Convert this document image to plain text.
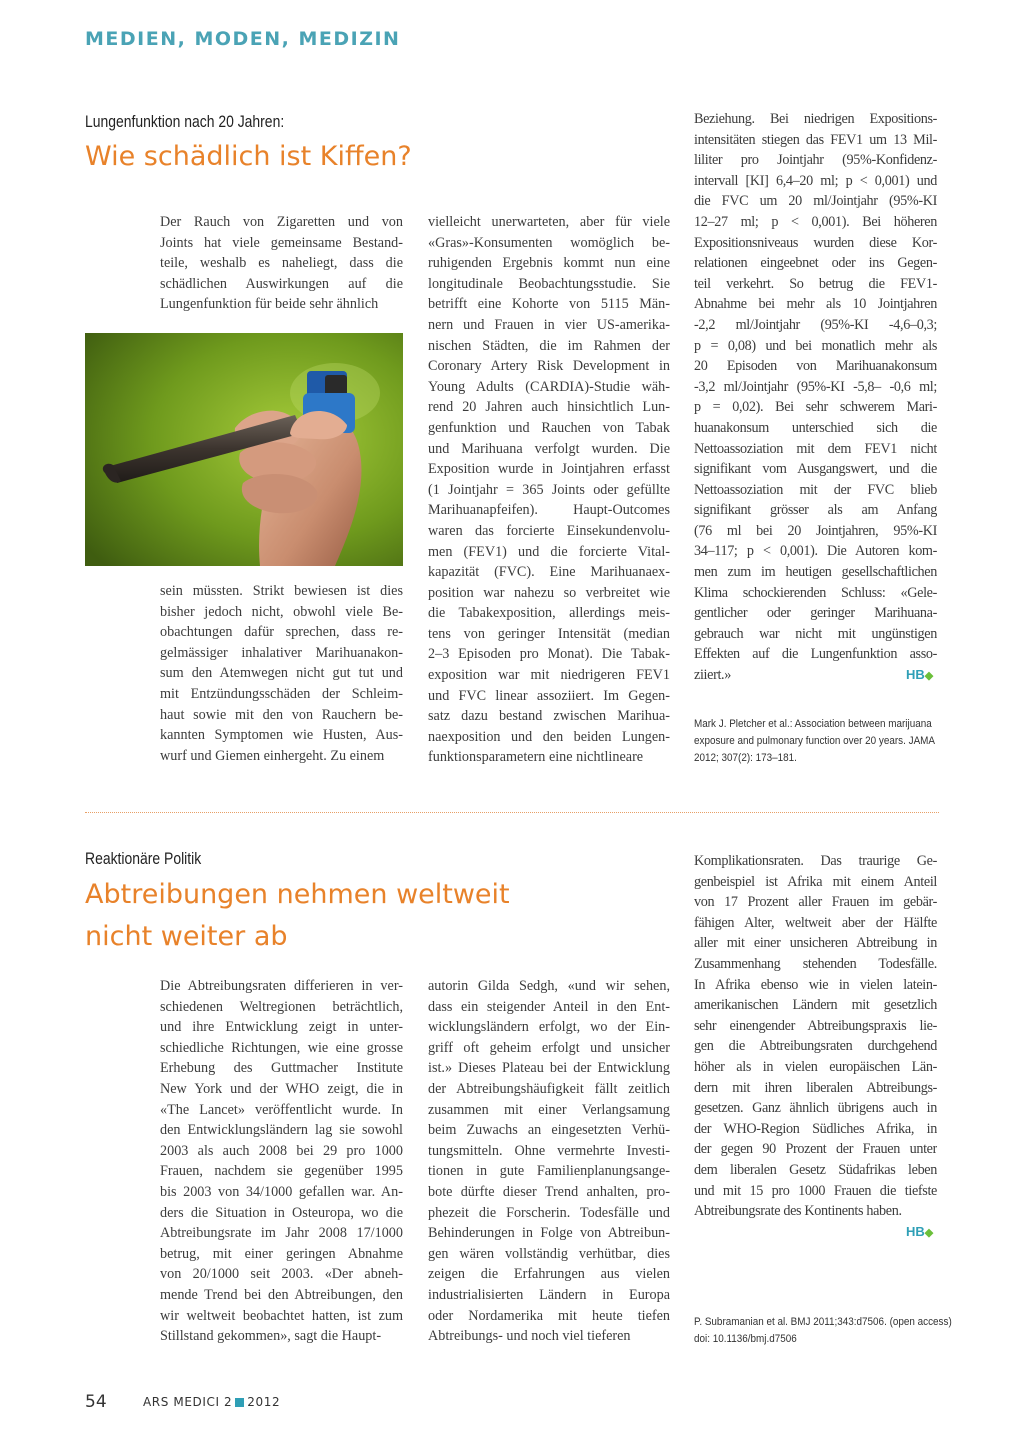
MEDIEN, MODEN, MEDIZIN
Lungenfunktion nach 20 Jahren:
Wie schädlich ist Kiffen?
Der Rauch von Zigaretten und von
Joints hat viele gemeinsame Bestand-
teile, weshalb es naheliegt, dass die
schädlichen Auswirkungen auf die
Lungenfunktion für beide sehr ähnlich
sein müssten. Strikt bewiesen ist dies
bisher jedoch nicht, obwohl viele Be-
obachtungen dafür sprechen, dass re-
gelmässiger inhalativer Marihuanakon-
sum den Atemwegen nicht gut tut und
mit Entzündungsschäden der Schleim-
haut sowie mit den von Rauchern be-
kannten Symptomen wie Husten, Aus-
wurf und Giemen einhergeht. Zu einem
vielleicht unerwarteten, aber für viele
«Gras»-Konsumenten womöglich be-
ruhigenden Ergebnis kommt nun eine
longitudinale Beobachtungsstudie. Sie
betrifft eine Kohorte von 5115 Män-
nern und Frauen in vier US-amerika-
nischen Städten, die im Rahmen der
Coronary Artery Risk Development in
Young Adults (CARDIA)-Studie wäh-
rend 20 Jahren auch hinsichtlich Lun-
genfunktion und Rauchen von Tabak
und Marihuana verfolgt wurden. Die
Exposition wurde in Jointjahren erfasst
(1 Jointjahr = 365 Joints oder gefüllte
Marihuanapfeifen). Haupt-Outcomes
waren das forcierte Einsekundenvolu-
men (FEV1) und die forcierte Vital-
kapazität (FVC). Eine Marihuanaex-
position war nahezu so verbreitet wie
die Tabakexposition, allerdings meis-
tens von geringer Intensität (median
2–3 Episoden pro Monat). Die Tabak-
exposition war mit niedrigeren FEV1
und FVC linear assoziiert. Im Gegen-
satz dazu bestand zwischen Marihua-
naexposition und den beiden Lungen-
funktionsparametern eine nichtlineare
Beziehung. Bei niedrigen Expositions-
intensitäten stiegen das FEV1 um 13 Mil-
liliter pro Jointjahr (95%-Konfidenz-
intervall [KI] 6,4–20 ml; p < 0,001) und
die FVC um 20 ml/Jointjahr (95%-KI
12–27 ml; p < 0,001). Bei höheren
Expositionsniveaus wurden diese Kor-
relationen eingeebnet oder ins Gegen-
teil verkehrt. So betrug die FEV1-
Abnahme bei mehr als 10 Jointjahren
-2,2 ml/Jointjahr (95%-KI -4,6–0,3;
p = 0,08) und bei monatlich mehr als
20 Episoden von Marihuanakonsum
-3,2 ml/Jointjahr (95%-KI -5,8– -0,6 ml;
p = 0,02). Bei sehr schwerem Mari-
huanakonsum unterschied sich die
Nettoassoziation mit dem FEV1 nicht
signifikant vom Ausgangswert, und die
Nettoassoziation mit der FVC blieb
signifikant grösser als am Anfang
(76 ml bei 20 Jointjahren, 95%-KI
34–117; p < 0,001). Die Autoren kom-
men zum im heutigen gesellschaftlichen
Klima schockierenden Schluss: «Gele-
gentlicher oder geringer Marihuana-
gebrauch war nicht mit ungünstigen
Effekten auf die Lungenfunktion asso-
ziiert.»	HB◆
Mark J. Pletcher et al.: Association between marijuana
exposure and pulmonary function over 20 years. JAMA
2012; 307(2): 173–181.
Reaktionäre Politik
Abtreibungen nehmen weltweit
nicht weiter ab
Die Abtreibungsraten differieren in ver-
schiedenen Weltregionen beträchtlich,
und ihre Entwicklung zeigt in unter-
schiedliche Richtungen, wie eine grosse
Erhebung des Guttmacher Institute
New York und der WHO zeigt, die in
«The Lancet» veröffentlicht wurde. In
den Entwicklungsländern lag sie sowohl
2003 als auch 2008 bei 29 pro 1000
Frauen, nachdem sie gegenüber 1995
bis 2003 von 34/1000 gefallen war. An-
ders die Situation in Osteuropa, wo die
Abtreibungsrate im Jahr 2008 17/1000
betrug, mit einer geringen Abnahme
von 20/1000 seit 2003. «Der abneh-
mende Trend bei den Abtreibungen, den
wir weltweit beobachtet hatten, ist zum
Stillstand gekommen», sagt die Haupt-
autorin Gilda Sedgh, «und wir sehen,
dass ein steigender Anteil in den Ent-
wicklungsländern erfolgt, wo der Ein-
griff oft geheim erfolgt und unsicher
ist.» Dieses Plateau bei der Entwicklung
der Abtreibungshäufigkeit fällt zeitlich
zusammen mit einer Verlangsamung
beim Zuwachs an eingesetzten Verhü-
tungsmitteln. Ohne vermehrte Investi-
tionen in gute Familienplanungsange-
bote dürfte dieser Trend anhalten, pro-
phezeit die Forscherin. Todesfälle und
Behinderungen in Folge von Abtreibun-
gen wären vollständig verhütbar, dies
zeigen die Erfahrungen aus vielen
industrialisierten Ländern in Europa
oder Nordamerika mit heute tiefen
Abtreibungs- und noch viel tieferen
Komplikationsraten. Das traurige Ge-
genbeispiel ist Afrika mit einem Anteil
von 17 Prozent aller Frauen im gebär-
fähigen Alter, weltweit aber der Hälfte
aller mit einer unsicheren Abtreibung in
Zusammenhang stehenden Todesfälle.
In Afrika ebenso wie in vielen latein-
amerikanischen Ländern mit gesetzlich
sehr einengender Abtreibungspraxis lie-
gen die Abtreibungsraten durchgehend
höher als in vielen europäischen Län-
dern mit ihren liberalen Abtreibungs-
gesetzen. Ganz ähnlich übrigens auch in
der WHO-Region Südliches Afrika, in
der gegen 90 Prozent der Frauen unter
dem liberalen Gesetz Südafrikas leben
und mit 15 pro 1000 Frauen die tiefste
Abtreibungsrate des Kontinents haben.
HB◆
P. Subramanian et al. BMJ 2011;343:d7506. (open access)
doi: 10.1136/bmj.d7506
54	ARS MEDICI 2 2012
